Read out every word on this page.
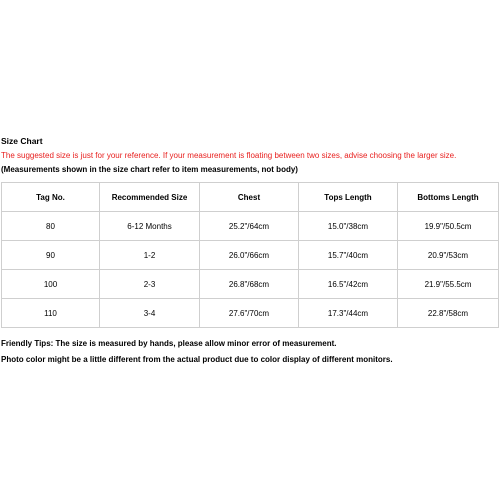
Size Chart
The suggested size is just for your reference. If your measurement is floating between two sizes, advise choosing the larger size.
(Measurements shown in the size chart refer to item measurements, not body)
Tag No.	Recommended Size	Chest	Tops Length	Bottoms Length
80	6-12 Months	25.2"/64cm	15.0"/38cm	19.9"/50.5cm
90	1-2	26.0"/66cm	15.7"/40cm	20.9"/53cm
100	2-3	26.8"/68cm	16.5"/42cm	21.9"/55.5cm
110	3-4	27.6"/70cm	17.3"/44cm	22.8"/58cm
Friendly Tips: The size is measured by hands, please allow minor error of measurement.
Photo color might be a little different from the actual product due to color display of different monitors.
